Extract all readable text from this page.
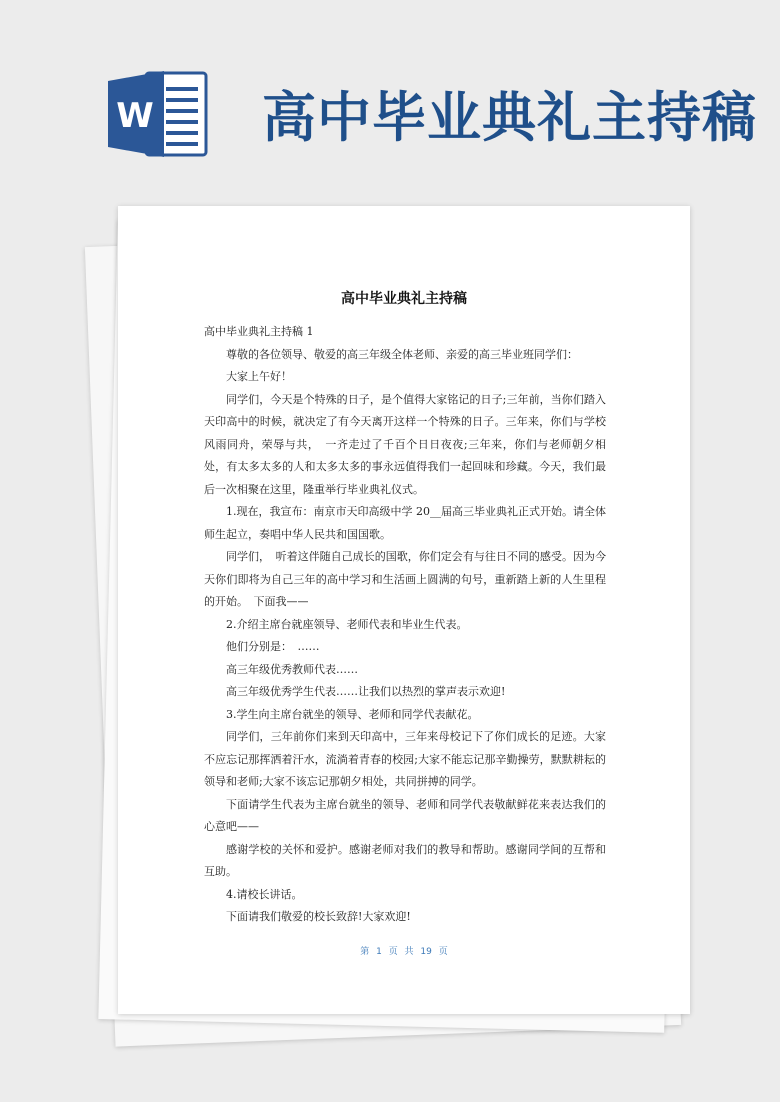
W 高中毕业典礼主持稿
高中毕业典礼主持稿

高中毕业典礼主持稿 1

尊敬的各位领导、敬爱的高三年级全体老师、亲爱的高三毕业班同学们：

大家上午好！

同学们，今天是个特殊的日子，是个值得大家铭记的日子;三年前，当你们踏入天印高中的时候，就决定了有今天离开这样一个特殊的日子。三年来，你们与学校风雨同舟，荣辱与共，　一齐走过了千百个日日夜夜;三年来，你们与老师朝夕相处，有太多太多的人和太多太多的事永远值得我们一起回味和珍藏。今天，我们最后一次相聚在这里，隆重举行毕业典礼仪式。

1.现在，我宣布：南京市天印高级中学 20__届高三毕业典礼正式开始。请全体师生起立，奏唱中华人民共和国国歌。

同学们，　听着这伴随自己成长的国歌，你们定会有与往日不同的感受。因为今天你们即将为自己三年的高中学习和生活画上圆满的句号，重新踏上新的人生里程的开始。　下面我——

2.介绍主席台就座领导、老师代表和毕业生代表。

他们分别是：　……

高三年级优秀教师代表……

高三年级优秀学生代表……让我们以热烈的掌声表示欢迎!

3.学生向主席台就坐的领导、老师和同学代表献花。

同学们，三年前你们来到天印高中，三年来母校记下了你们成长的足迹。大家不应忘记那挥洒着汗水，流淌着青春的校园;大家不能忘记那辛勤操劳，默默耕耘的领导和老师;大家不该忘记那朝夕相处，共同拼搏的同学。

下面请学生代表为主席台就坐的领导、老师和同学代表敬献鲜花来表达我们的心意吧——

感谢学校的关怀和爱护。感谢老师对我们的教导和帮助。感谢同学间的互帮和互助。

4.请校长讲话。

下面请我们敬爱的校长致辞!大家欢迎!

第 1 页 共 19 页
